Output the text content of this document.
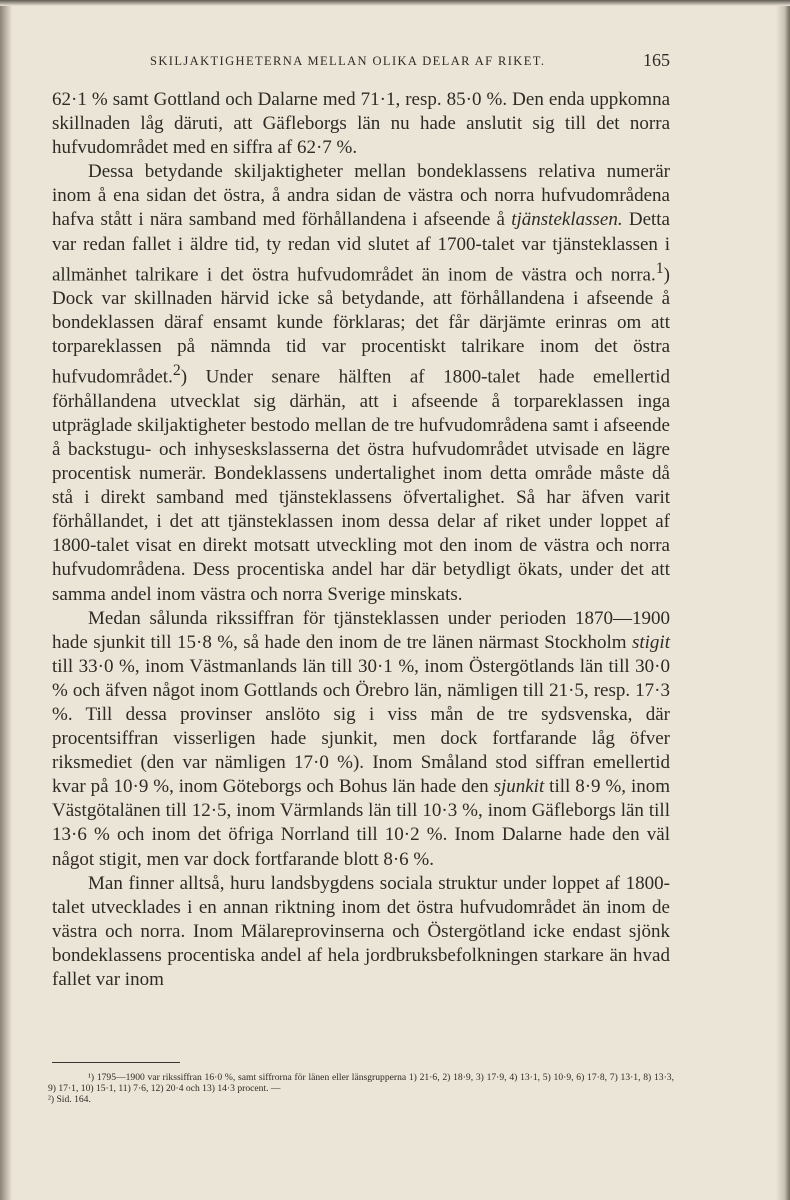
SKILJAKTIGHETERNA MELLAN OLIKA DELAR AF RIKET.	165

62·1 % samt Gottland och Dalarne med 71·1, resp. 85·0 %. Den enda uppkomna skillnaden låg däruti, att Gäfleborgs län nu hade anslutit sig till det norra hufvudområdet med en siffra af 62·7 %.

Dessa betydande skiljaktigheter mellan bondeklassens relativa numerär inom å ena sidan det östra, å andra sidan de västra och norra hufvudområdena hafva stått i nära samband med förhållandena i afseende å tjänsteklassen. Detta var redan fallet i äldre tid, ty redan vid slutet af 1700-talet var tjänsteklassen i allmänhet talrikare i det östra hufvudområdet än inom de västra och norra.$^1$) Dock var skillnaden härvid icke så betydande, att förhållandena i afseende å bondeklassen däraf ensamt kunde förklaras; det får därjämte erinras om att torpareklassen på nämnda tid var procentiskt talrikare inom det östra hufvudområdet.$^2$) Under senare hälften af 1800-talet hade emellertid förhållandena utvecklat sig därhän, att i afseende å torpareklassen inga utpräglade skiljaktigheter bestodo mellan de tre hufvudområdena samt i afseende å backstugu- och inhyseskslasserna det östra hufvudområdet utvisade en lägre procentisk numerär. Bondeklassens undertalighet inom detta område måste då stå i direkt samband med tjänsteklassens öfvertalighet. Så har äfven varit förhållandet, i det att tjänsteklassen inom dessa delar af riket under loppet af 1800-talet visat en direkt motsatt utveckling mot den inom de västra och norra hufvudområdena. Dess procentiska andel har där betydligt ökats, under det att samma andel inom västra och norra Sverige minskats.

Medan sålunda rikssiffran för tjänsteklassen under perioden 1870—1900 hade sjunkit till 15·8 %, så hade den inom de tre länen närmast Stockholm stigit till 33·0 %, inom Västmanlands län till 30·1 %, inom Östergötlands län till 30·0 % och äfven något inom Gottlands och Örebro län, nämligen till 21·5, resp. 17·3 %. Till dessa provinser anslöto sig i viss mån de tre sydsvenska, där procentsiffran visserligen hade sjunkit, men dock fortfarande låg öfver riksmediet (den var nämligen 17·0 %). Inom Småland stod siffran emellertid kvar på 10·9 %, inom Göteborgs och Bohus län hade den sjunkit till 8·9 %, inom Västgötalänen till 12·5, inom Värmlands län till 10·3 %, inom Gäfleborgs län till 13·6 % och inom det öfriga Norrland till 10·2 %. Inom Dalarne hade den väl något stigit, men var dock fortfarande blott 8·6 %.

Man finner alltså, huru landsbygdens sociala struktur under loppet af 1800-talet utvecklades i en annan riktning inom det östra hufvudområdet än inom de västra och norra. Inom Mälareprovinserna och Östergötland icke endast sjönk bondeklassens procentiska andel af hela jordbruksbefolkningen starkare än hvad fallet var inom

¹) 1795—1900 var rikssiffran 16·0 %, samt siffrorna för länen eller länsgrupperna 1) 21·6, 2) 18·9, 3) 17·9, 4) 13·1, 5) 10·9, 6) 17·8, 7) 13·1, 8) 13·3, 9) 17·1, 10) 15·1, 11) 7·6, 12) 20·4 och 13) 14·3 procent. —

²) Sid. 164.
